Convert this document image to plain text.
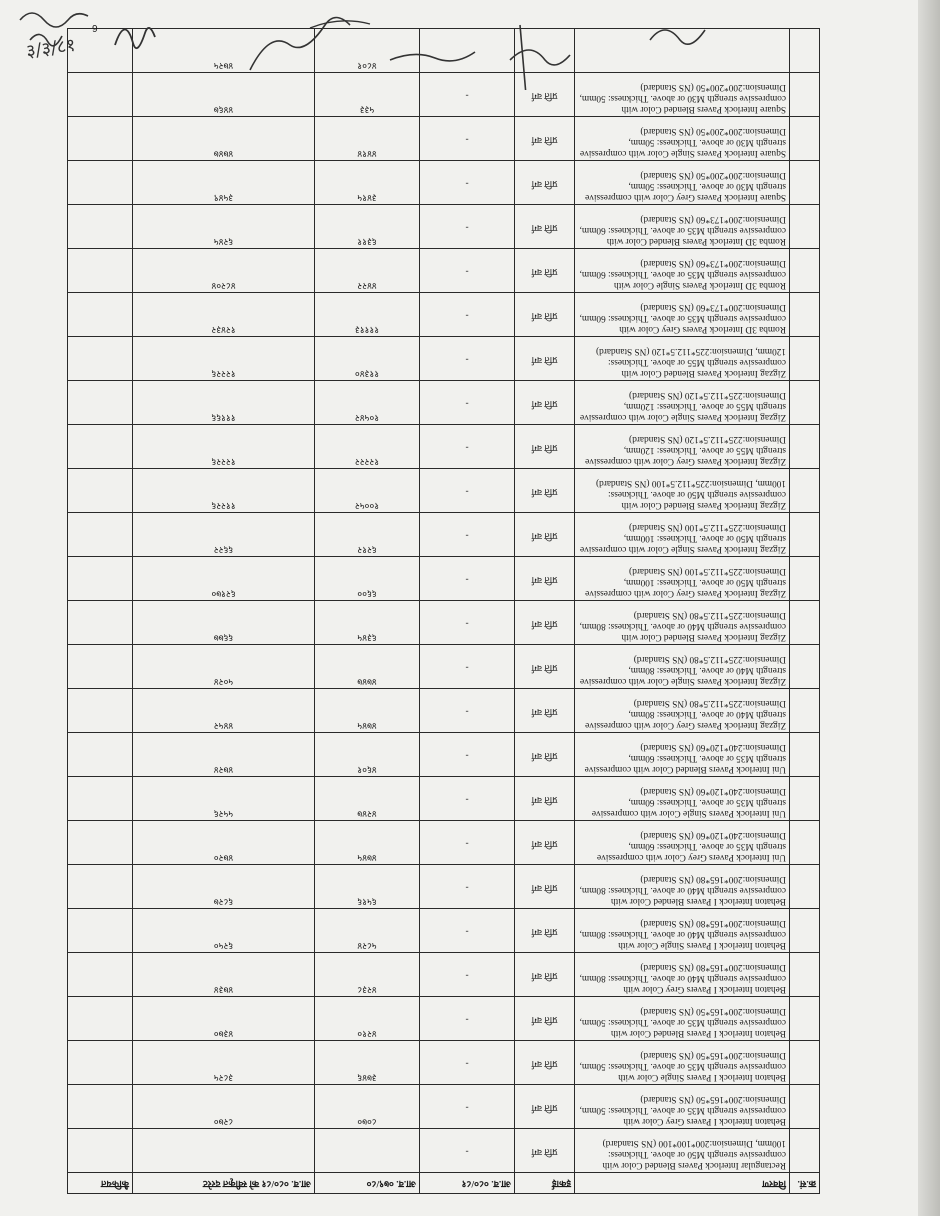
क्र.सं.	विवरण	इकाई	आ.व. ०८०/८१	आ.व. ०७९/८०	आ.व. ०८०/८१ को स्वीकृत दररेट	कैफियत
	Rectangular Interlock Pavers Blended Color with compressive strength M50 or above. Thickness: 100mm, Dimension:200*100*100 (NS Standard)	प्रति वर्ग	-			
	Behaton Interlock I Pavers Grey Color with compressive strength M35 or above. Thickness: 50mm, Dimension:200*165*50 (NS Standard)	प्रति वर्ग	-	८०७०	८२७०	
	Behaton Interlock I Pavers Single Color with compressive strength M35 or above. Thickness: 50mm, Dimension:200*165*50 (NS Standard)	प्रति वर्ग	-	३७४६	३८२५	
	Behaton Interlock I Pavers Blended Color with compressive strength M35 or above. Thickness: 50mm, Dimension:200*165*50 (NS Standard)	प्रति वर्ग	-	४२१०	४३७०	
	Behaton Interlock I Pavers Grey Color with compressive strength M40 or above. Thickness: 80mm, Dimension:200*165*80 (NS Standard)	प्रति वर्ग	-	४२३८	४७३४	
	Behaton Interlock I Pavers Single Color with compressive strength M40 or above. Thickness: 80mm, Dimension:200*165*80 (NS Standard)	प्रति वर्ग	-	५८२४	६२५०	
	Behaton Interlock I Pavers Blended Color with compressive strength M40 or above. Thickness: 80mm, Dimension:200*165*80 (NS Standard)	प्रति वर्ग	-	६५१६	६८२७	
	Uni Interlock Pavers Grey Color with compressive strength M35 or above. Thickness: 60mm, Dimension:240*120*60 (NS Standard)	प्रति वर्ग	-	४७४५	४७२०	
	Uni Interlock Pavers Single Color with compressive strength M35 or above. Thickness: 60mm, Dimension:240*120*60 (NS Standard)	प्रति वर्ग	-	४२४७	५५२६	
	Uni Interlock Pavers Blended Color with compressive strength M35 or above. Thickness: 60mm, Dimension:240*120*60 (NS Standard)	प्रति वर्ग	-	४६०१	४७२४	
	Zigzag Interlock Pavers Grey Color with compressive strength M40 or above. Thickness: 80mm, Dimension:225*112.5*80 (NS Standard)	प्रति वर्ग	-	४७४५	४४५२	
	Zigzag Interlock Pavers Single Color with compressive strength M40 or above. Thickness: 80mm, Dimension:225*112.5*80 (NS Standard)	प्रति वर्ग	-	४७४७	५०२४	
	Zigzag Interlock Pavers Blended Color with compressive strength M40 or above. Thickness: 80mm, Dimension:225*112.5*80 (NS Standard)	प्रति वर्ग	-	६३४५	६६७७	
	Zigzag Interlock Pavers Grey Color with compressive strength M50 or above. Thickness: 100mm, Dimension:225*112.5*100 (NS Standard)	प्रति वर्ग	-	६६००	६२१७०	
	Zigzag Interlock Pavers Single Color with compressive strength M50 or above. Thickness: 100mm, Dimension:225*112.5*100 (NS Standard)	प्रति वर्ग	-	६२१२	६६२२	
	Zigzag Interlock Pavers Blended Color with compressive strength M50 or above. Thickness: 100mm, Dimension:225*112.5*100 (NS Standard)	प्रति वर्ग	-	१००५२	११२२६	
	Zigzag Interlock Pavers Grey Color with compressive strength M55 or above. Thickness: 120mm, Dimension:225*112.5*120 (NS Standard)	प्रति वर्ग	-	१२२२२	१२२२६	
	Zigzag Interlock Pavers Single Color with compressive strength M55 or above. Thickness: 120mm, Dimension:225*112.5*120 (NS Standard)	प्रति वर्ग	-	१०५४२	१११६६	
	Zigzag Interlock Pavers Blended Color with compressive strength M55 or above. Thickness: 120mm, Dimension:225*112.5*120 (NS Standard)	प्रति वर्ग	-	११३४०	१२२२६	
	Romba 3D Interlock Pavers Grey Color with compressive strength M35 or above. Thickness: 60mm, Dimension:200*173*60 (NS Standard)	प्रति वर्ग	-	११११३	१२४३२	
	Romba 3D Interlock Pavers Single Color with compressive strength M35 or above. Thickness: 60mm, Dimension:200*173*60 (NS Standard)	प्रति वर्ग	-	४४२२	४८२०४	
	Romba 3D Interlock Pavers Blended Color with compressive strength M35 or above. Thickness: 60mm, Dimension:200*173*60 (NS Standard)	प्रति वर्ग	-	६३११	६२४५	
	Square Interlock Pavers Grey Color with compressive strength M30 or above. Thickness: 50mm, Dimension:200*200*50 (NS Standard)	प्रति वर्ग	-	३४१५	३५४९	
	Square Interlock Pavers Single Color with compressive strength M30 or above. Thickness: 50mm, Dimension:200*200*50 (NS Standard)	प्रति वर्ग	-	४४१४	४७४७	
	Square Interlock Pavers Blended Color with compressive strength M30 or above. Thickness: 50mm, Dimension:200*200*50 (NS Standard)	प्रति वर्ग	-	५३३	४४६७	
				४८०१	४७२५	
6
३/३/८१
